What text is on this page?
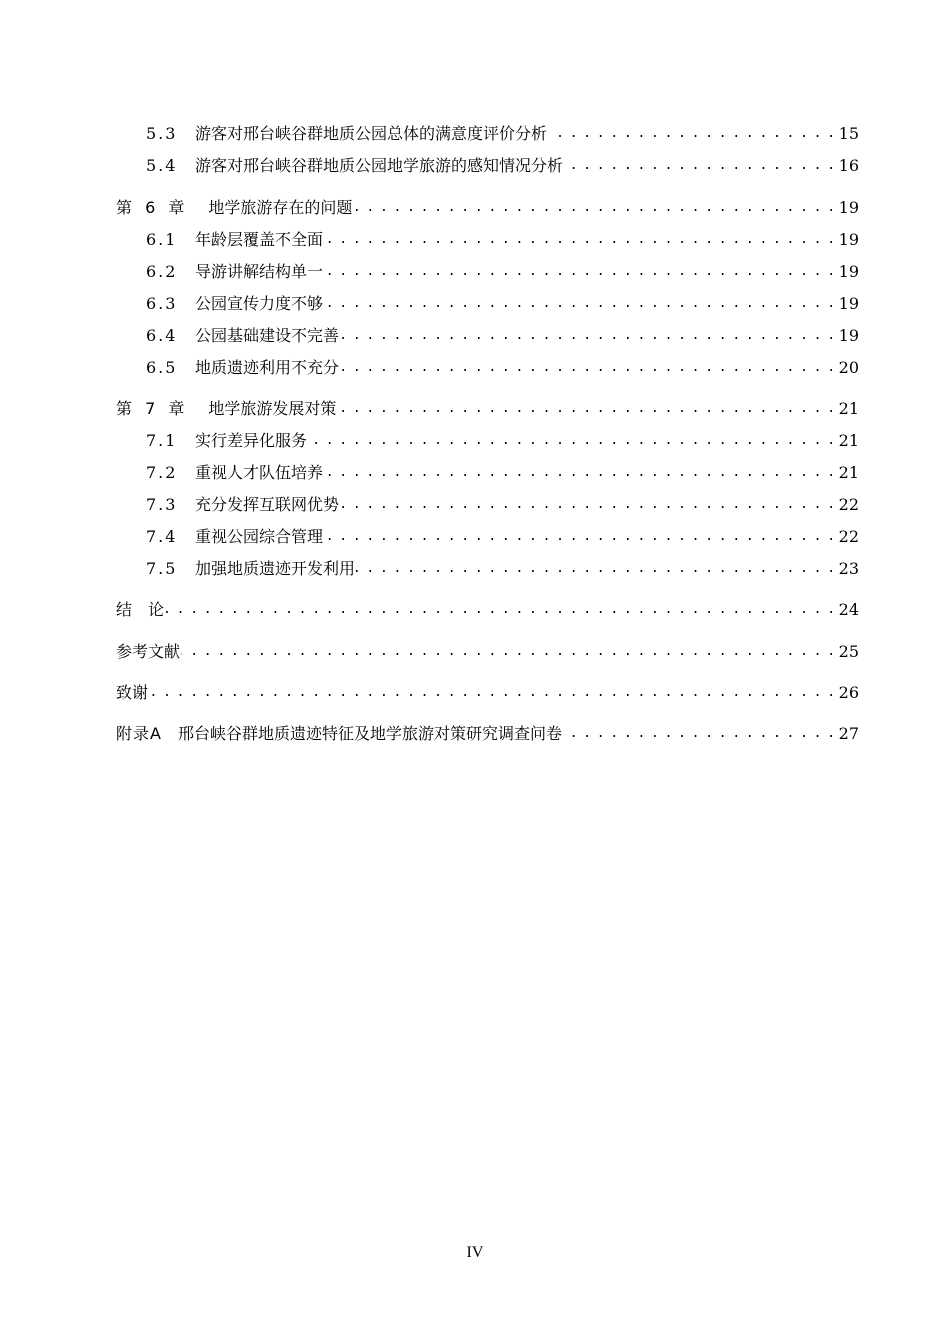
5.3	游客对邢台峡谷群地质公园总体的满意度评价分析 . . .	15
5.4	游客对邢台峡谷群地质公园地学旅游的感知情况分析 . . .	16
第 6 章 地学旅游存在的问题 . . .	19
6.1	年龄层覆盖不全面 . . .	19
6.2	导游讲解结构单一 . . .	19
6.3	公园宣传力度不够 . . .	19
6.4	公园基础建设不完善 . . .	19
6.5	地质遗迹利用不充分 . . .	20
第 7 章 地学旅游发展对策 . . .	21
7.1	实行差异化服务 . . .	21
7.2	重视人才队伍培养 . . .	21
7.3	充分发挥互联网优势 . . .	22
7.4	重视公园综合管理 . . .	22
7.5	加强地质遗迹开发利用 . . .	23
结　论 . . .	24
参考文献 . . .	25
致谢 . . .	26
附录A 邢台峡谷群地质遗迹特征及地学旅游对策研究调查问卷 . . .	27
IV
